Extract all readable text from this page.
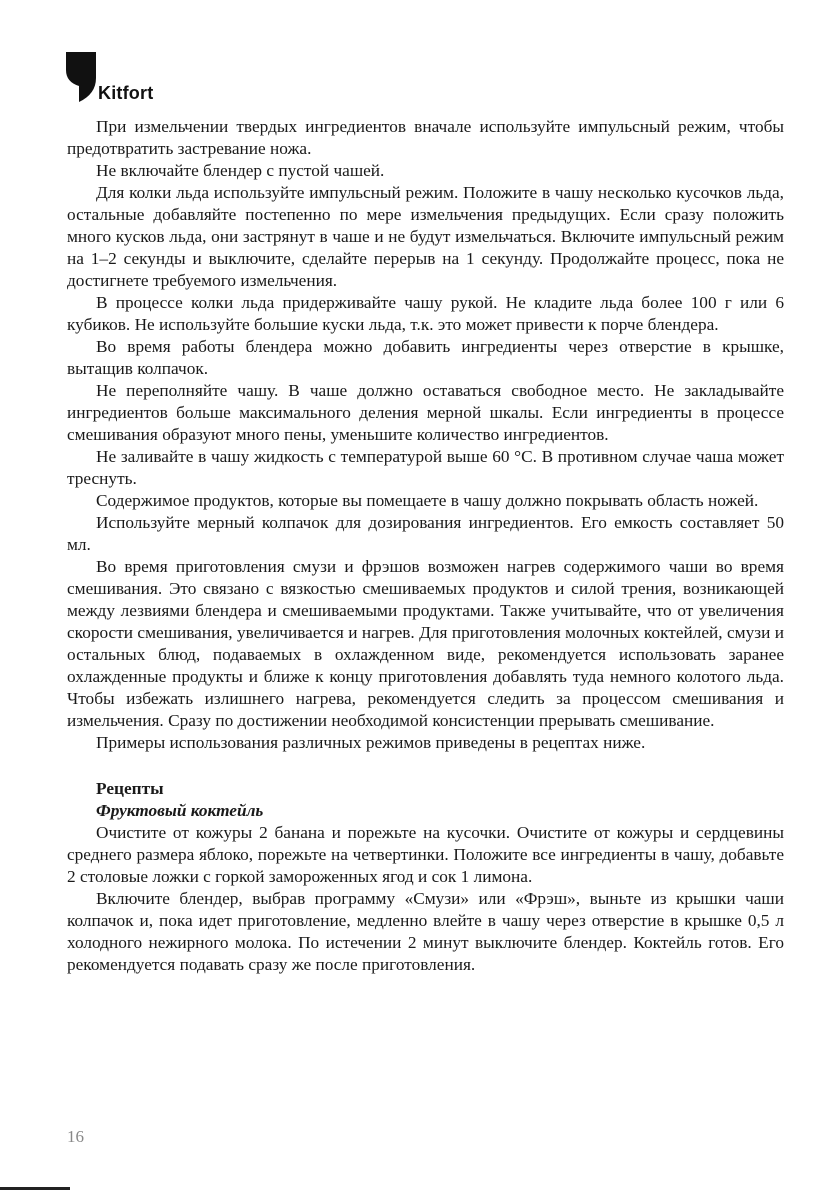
Kitfort

При измельчении твердых ингредиентов вначале используйте импульсный режим, чтобы предотвратить застревание ножа.

Не включайте блендер с пустой чашей.

Для колки льда используйте импульсный режим. Положите в чашу несколько кусочков льда, остальные добавляйте постепенно по мере измельчения предыдущих. Если сразу положить много кусков льда, они застрянут в чаше и не будут измельчаться. Включите импульсный режим на 1–2 секунды и выключите, сделайте перерыв на 1 секунду. Продолжайте процесс, пока не достигнете требуемого измельчения.

В процессе колки льда придерживайте чашу рукой. Не кладите льда более 100 г или 6 кубиков. Не используйте большие куски льда, т.к. это может привести к порче блендера.

Во время работы блендера можно добавить ингредиенты через отверстие в крышке, вытащив колпачок.

Не переполняйте чашу. В чаше должно оставаться свободное место. Не закладывайте ингредиентов больше максимального деления мерной шкалы. Если ингредиенты в процессе смешивания образуют много пены, уменьшите количество ингредиентов.

Не заливайте в чашу жидкость с температурой выше 60 °С. В противном случае чаша может треснуть.

Содержимое продуктов, которые вы помещаете в чашу должно покрывать область ножей.

Используйте мерный колпачок для дозирования ингредиентов. Его емкость составляет 50 мл.

Во время приготовления смузи и фрэшов возможен нагрев содержимого чаши во время смешивания. Это связано с вязкостью смешиваемых продуктов и силой трения, возникающей между лезвиями блендера и смешиваемыми продуктами. Также учитывайте, что от увеличения скорости смешивания, увеличивается и нагрев. Для приготовления молочных коктейлей, смузи и остальных блюд, подаваемых в охлажденном виде, рекомендуется использовать заранее охлажденные продукты и ближе к концу приготовления добавлять туда немного колотого льда. Чтобы избежать излишнего нагрева, рекомендуется следить за процессом смешивания и измельчения. Сразу по достижении необходимой консистенции прерывать смешивание.

Примеры использования различных режимов приведены в рецептах ниже.

Рецепты
Фруктовый коктейль

Очистите от кожуры 2 банана и порежьте на кусочки. Очистите от кожуры и сердцевины среднего размера яблоко, порежьте на четвертинки. Положите все ингредиенты в чашу, добавьте 2 столовые ложки с горкой замороженных ягод и сок 1 лимона.

Включите блендер, выбрав программу «Смузи» или «Фрэш», выньте из крышки чаши колпачок и, пока идет приготовление, медленно влейте в чашу через отверстие в крышке 0,5 л холодного нежирного молока. По истечении 2 минут выключите блендер. Коктейль готов. Его рекомендуется подавать сразу же после приготовления.

16
